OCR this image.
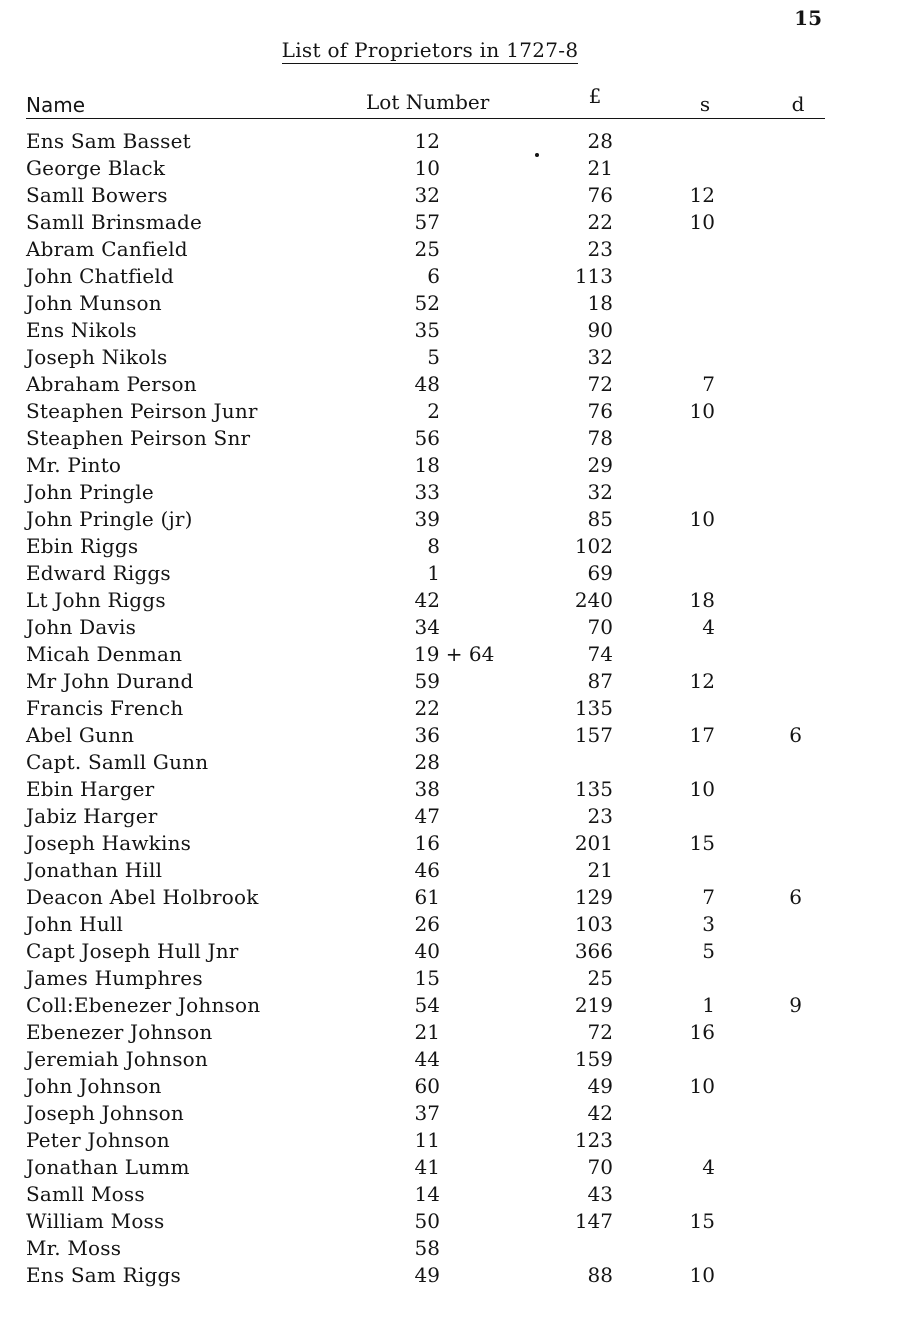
15
List of Proprietors in 1727-8
Name	Lot Number	£	s	d
Ens Sam Basset	12	28
George Black	10	21
Samll Bowers	32	76	12
Samll Brinsmade	57	22	10
Abram Canfield	25	23
John Chatfield	6	113
John Munson	52	18
Ens Nikols	35	90
Joseph Nikols	5	32
Abraham Person	48	72	7
Steaphen Peirson Junr	2	76	10
Steaphen Peirson Snr	56	78
Mr. Pinto	18	29
John Pringle	33	32
John Pringle (jr)	39	85	10
Ebin Riggs	8	102
Edward Riggs	1	69
Lt John Riggs	42	240	18
John Davis	34	70	4
Micah Denman	19 + 64	74
Mr John Durand	59	87	12
Francis French	22	135
Abel Gunn	36	157	17	6
Capt. Samll Gunn	28
Ebin Harger	38	135	10
Jabiz Harger	47	23
Joseph Hawkins	16	201	15
Jonathan Hill	46	21
Deacon Abel Holbrook	61	129	7	6
John Hull	26	103	3
Capt Joseph Hull Jnr	40	366	5
James Humphres	15	25
Coll:Ebenezer Johnson	54	219	1	9
Ebenezer Johnson	21	72	16
Jeremiah Johnson	44	159
John Johnson	60	49	10
Joseph Johnson	37	42
Peter Johnson	11	123
Jonathan Lumm	41	70	4
Samll Moss	14	43
William Moss	50	147	15
Mr. Moss	58
Ens Sam Riggs	49	88	10
